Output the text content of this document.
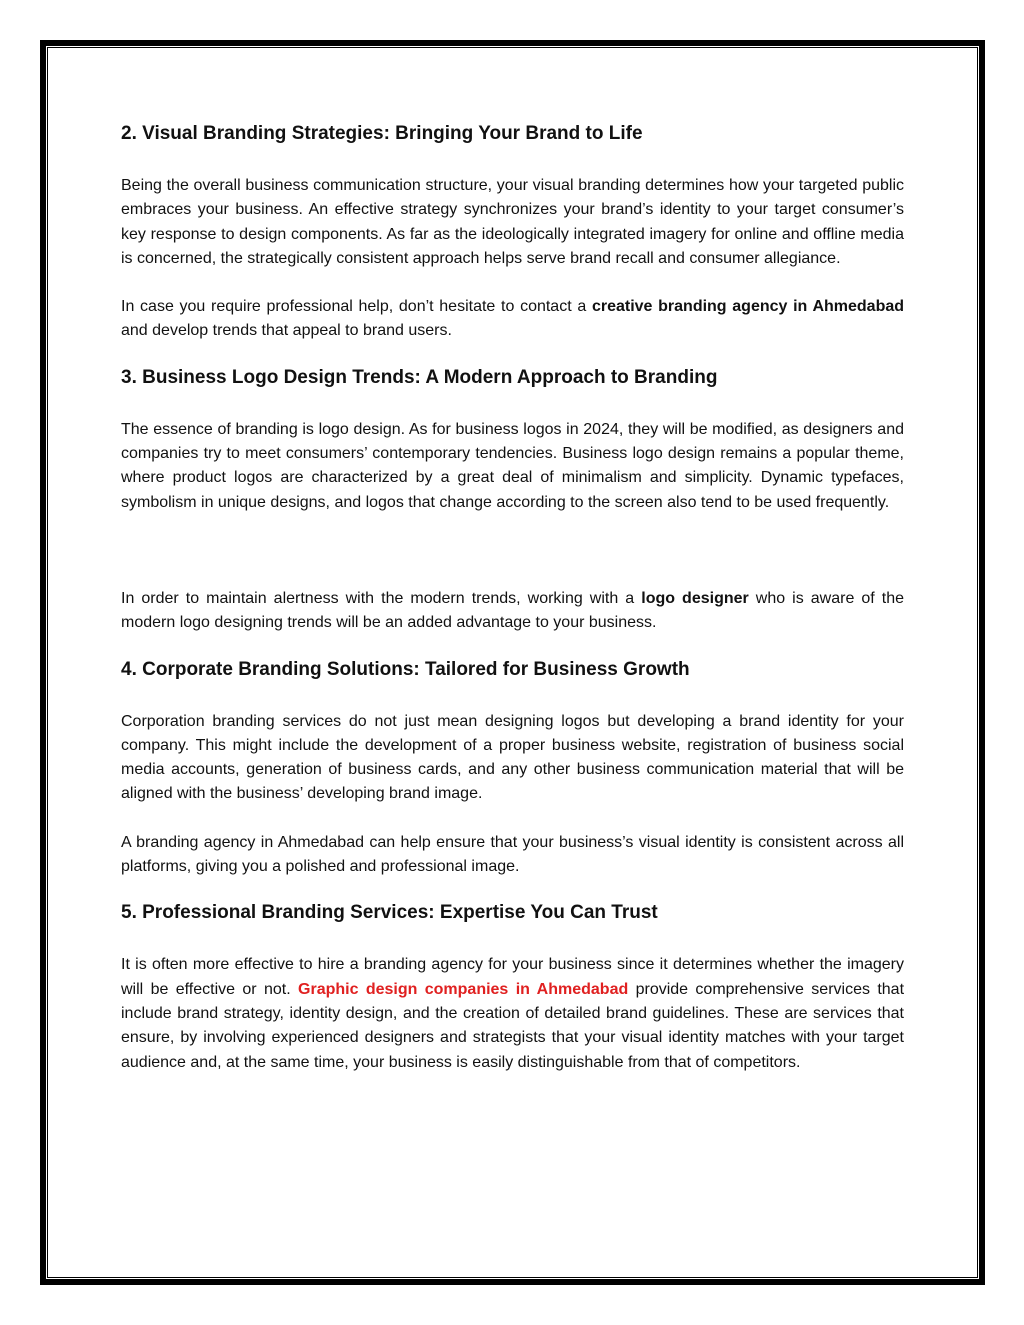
2. Visual Branding Strategies: Bringing Your Brand to Life

Being the overall business communication structure, your visual branding determines how your targeted public embraces your business. An effective strategy synchronizes your brand’s identity to your target consumer’s key response to design components. As far as the ideologically integrated imagery for online and offline media is concerned, the strategically consistent approach helps serve brand recall and consumer allegiance.

In case you require professional help, don’t hesitate to contact a creative branding agency in Ahmedabad and develop trends that appeal to brand users.

3. Business Logo Design Trends: A Modern Approach to Branding

The essence of branding is logo design. As for business logos in 2024, they will be modified, as designers and companies try to meet consumers’ contemporary tendencies. Business logo design remains a popular theme, where product logos are characterized by a great deal of minimalism and simplicity. Dynamic typefaces, symbolism in unique designs, and logos that change according to the screen also tend to be used frequently.

In order to maintain alertness with the modern trends, working with a logo designer who is aware of the modern logo designing trends will be an added advantage to your business.

4. Corporate Branding Solutions: Tailored for Business Growth

Corporation branding services do not just mean designing logos but developing a brand identity for your company. This might include the development of a proper business website, registration of business social media accounts, generation of business cards, and any other business communication material that will be aligned with the business’ developing brand image.

A branding agency in Ahmedabad can help ensure that your business’s visual identity is consistent across all platforms, giving you a polished and professional image.

5. Professional Branding Services: Expertise You Can Trust

It is often more effective to hire a branding agency for your business since it determines whether the imagery will be effective or not. Graphic design companies in Ahmedabad provide comprehensive services that include brand strategy, identity design, and the creation of detailed brand guidelines. These are services that ensure, by involving experienced designers and strategists that your visual identity matches with your target audience and, at the same time, your business is easily distinguishable from that of competitors.
